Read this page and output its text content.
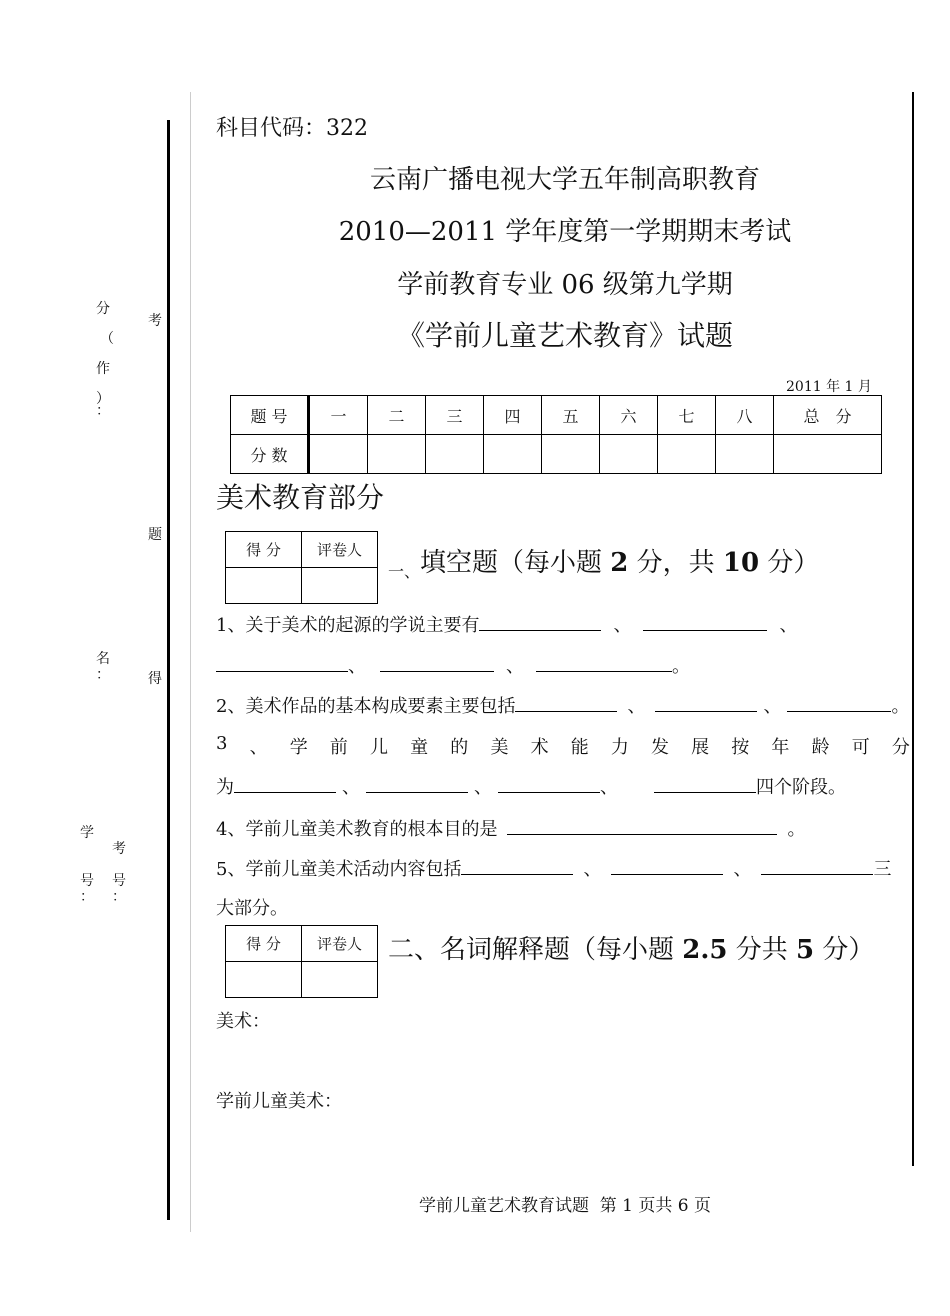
分
（
作
）
：
考
题
名
：	得
学
考
号 号
： ：
科目代码：322
云南广播电视大学五年制高职教育
2010—2011 学年度第一学期期末考试
学前教育专业 06 级第九学期
《学前儿童艺术教育》试题
2011 年 1 月
题 号	一	二	三	四	五	六	七	八	总　分
分 数									
美术教育部分
得 分	评卷人

$_{一、}$填空题（每小题 2 分，共 10 分）
1、关于美术的起源的学说主要有	、	、
、	、	。
2、美术作品的基本构成要素主要包括	、	、	。
3 、 学 前 儿 童 的 美 术 能 力 发 展 按 年 龄 可 分
为	、	、	、	四个阶段。
4、学前儿童美术教育的根本目的是	。
5、学前儿童美术活动内容包括	、	、	三
大部分。
得 分	评卷人
	二、名词解释题（每小题 2.5 分共 5 分）
美术：
学前儿童美术：
学前儿童艺术教育试题  第 1 页共 6 页
